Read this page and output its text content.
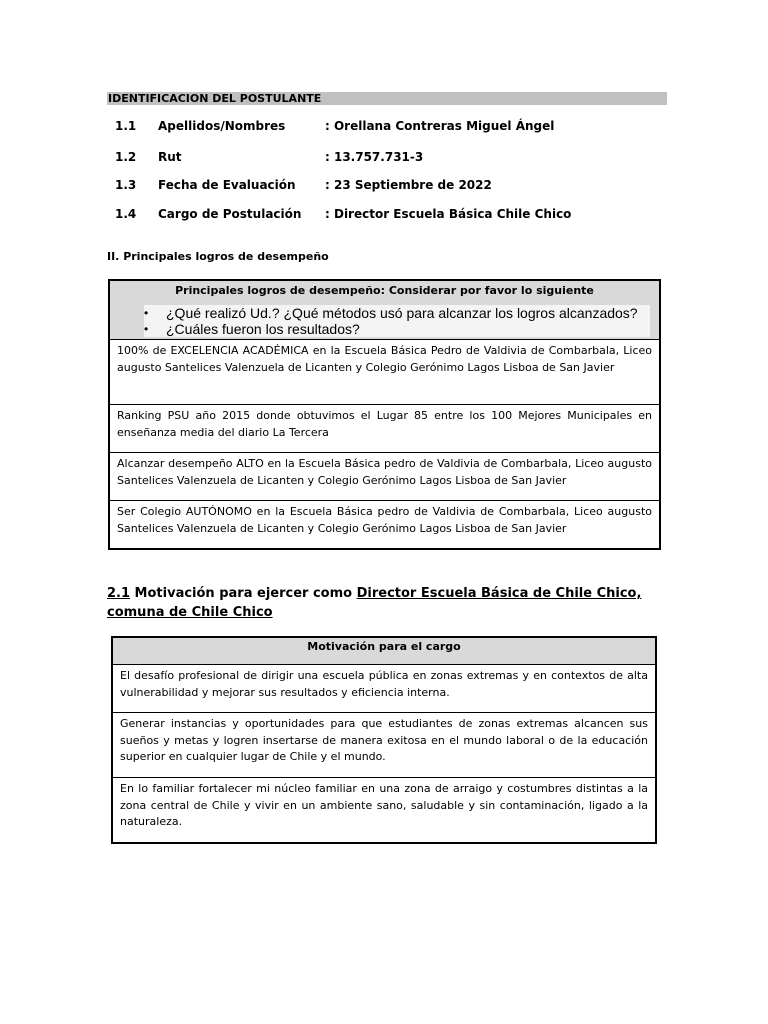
IDENTIFICACION DEL POSTULANTE
1.1 Apellidos/Nombres	: Orellana Contreras Miguel Ángel
1.2 Rut	: 13.757.731-3
1.3 Fecha de Evaluación : 23 Septiembre de 2022
1.4 Cargo de Postulación : Director Escuela Básica Chile Chico
II. Principales logros de desempeño
Principales logros de desempeño: Considerar por favor lo siguiente
• ¿Qué realizó Ud.? ¿Qué métodos usó para alcanzar los logros alcanzados?
• ¿Cuáles fueron los resultados?

100% de EXCELENCIA ACADÉMICA en la Escuela Básica Pedro de Valdivia de Combarbala, Liceo augusto Santelices Valenzuela de Licanten y Colegio Gerónimo Lagos Lisboa de San Javier
Ranking PSU año 2015 donde obtuvimos el Lugar 85 entre los 100 Mejores Municipales en enseñanza media del diario La Tercera
Alcanzar desempeño ALTO en la Escuela Básica pedro de Valdivia de Combarbala, Liceo augusto Santelices Valenzuela de Licanten y Colegio Gerónimo Lagos Lisboa de San Javier
Ser Colegio AUTÓNOMO en la Escuela Básica pedro de Valdivia de Combarbala, Liceo augusto Santelices Valenzuela de Licanten y Colegio Gerónimo Lagos Lisboa de San Javier
2.1 Motivación para ejercer como Director Escuela Básica de Chile Chico, comuna de Chile Chico
Motivación para el cargo
El desafío profesional de dirigir una escuela pública en zonas extremas y en contextos de alta vulnerabilidad y mejorar sus resultados y eficiencia interna.
Generar instancias y oportunidades para que estudiantes de zonas extremas alcancen sus sueños y metas y logren insertarse de manera exitosa en el mundo laboral o de la educación superior en cualquier lugar de Chile y el mundo.
En lo familiar fortalecer mi núcleo familiar en una zona de arraigo y costumbres distintas a la zona central de Chile y vivir en un ambiente sano, saludable y sin contaminación, ligado a la naturaleza.
